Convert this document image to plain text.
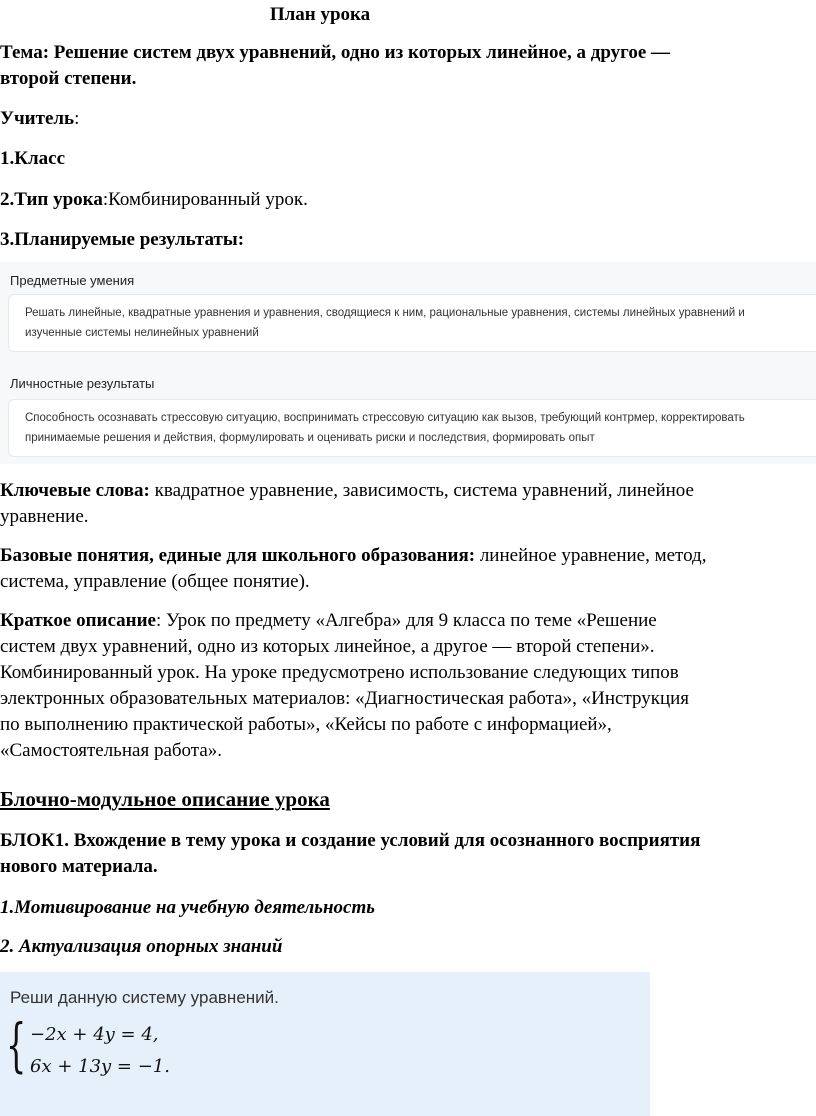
План урока
Тема: Решение систем двух уравнений, одно из которых линейное, а другое —
второй степени.
Учитель:
1.Класс
2.Тип урока:Комбинированный урок.
3.Планируемые результаты:
Предметные умения
Решать линейные, квадратные уравнения и уравнения, сводящиеся к ним, рациональные уравнения, системы линейных уравнений и изученные системы нелинейных уравнений
Личностные результаты
Способность осознавать стрессовую ситуацию, воспринимать стрессовую ситуацию как вызов, требующий контрмер, корректировать принимаемые решения и действия, формулировать и оценивать риски и последствия, формировать опыт
Ключевые слова: квадратное уравнение, зависимость, система уравнений, линейное
уравнение.
Базовые понятия, единые для школьного образования: линейное уравнение, метод,
система, управление (общее понятие).
Краткое описание: Урок по предмету «Алгебра» для 9 класса по теме «Решение
систем двух уравнений, одно из которых линейное, а другое — второй степени».
Комбинированный урок. На уроке предусмотрено использование следующих типов
электронных образовательных материалов: «Диагностическая работа», «Инструкция
по выполнению практической работы», «Кейсы по работе с информацией»,
«Самостоятельная работа».
Блочно-модульное описание урока
БЛОК1. Вхождение в тему урока и создание условий для осознанного восприятия
нового материала.
1.Мотивирование на учебную деятельность
2. Актуализация опорных знаний
Реши данную систему уравнений.
{ −2x + 4y = 4,
6x + 13y = −1.
